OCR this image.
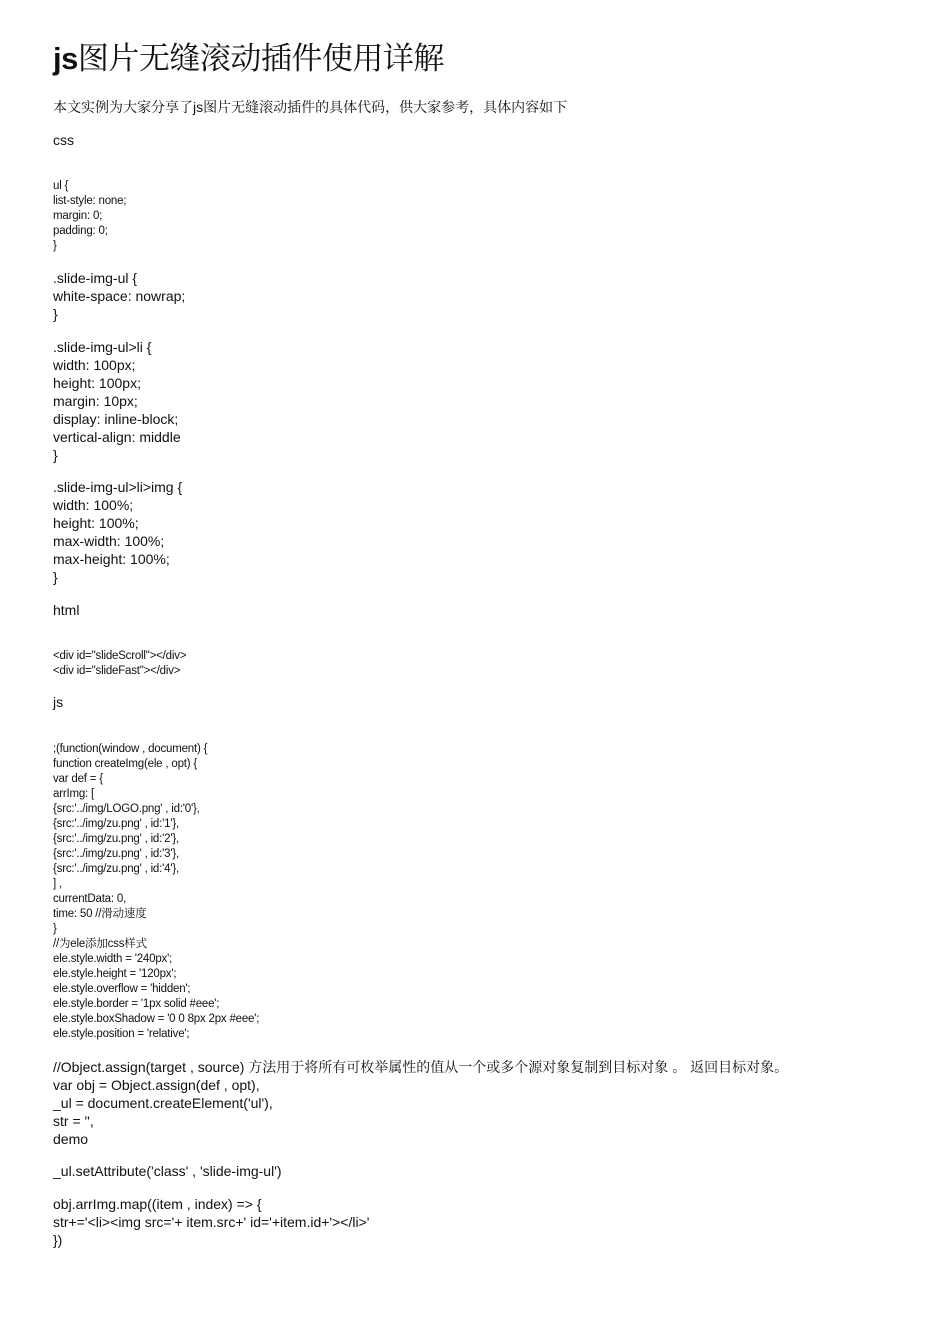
js图片无缝滚动插件使用详解
本文实例为大家分享了js图片无缝滚动插件的具体代码，供大家参考，具体内容如下
css
ul {
list-style: none;
margin: 0;
padding: 0;
}
.slide-img-ul {
white-space: nowrap;
}
.slide-img-ul>li {
width: 100px;
height: 100px;
margin: 10px;
display: inline-block;
vertical-align: middle
}
.slide-img-ul>li>img {
width: 100%;
height: 100%;
max-width: 100%;
max-height: 100%;
}
html
<div id="slideScroll"></div>
<div id="slideFast"></div>
js
;(function(window , document) {
function createImg(ele , opt) {
var def = {
arrImg: [
{src:'../img/LOGO.png' , id:'0'},
{src:'../img/zu.png' , id:'1'},
{src:'../img/zu.png' , id:'2'},
{src:'../img/zu.png' , id:'3'},
{src:'../img/zu.png' , id:'4'},
] ,
currentData: 0,
time: 50 //滑动速度
}
//为ele添加css样式
ele.style.width = '240px';
ele.style.height = '120px';
ele.style.overflow = 'hidden';
ele.style.border = '1px solid #eee';
ele.style.boxShadow = '0 0 8px 2px #eee';
ele.style.position = 'relative';
//Object.assign(target , source) 方法用于将所有可枚举属性的值从一个或多个源对象复制到目标对象 。 返回目标对象。
var obj = Object.assign(def , opt),
_ul = document.createElement('ul'),
str = '',
demo
_ul.setAttribute('class' , 'slide-img-ul')
obj.arrImg.map((item , index) => {
str+='<li><img src='+ item.src+' id='+item.id+'></li>'
})
